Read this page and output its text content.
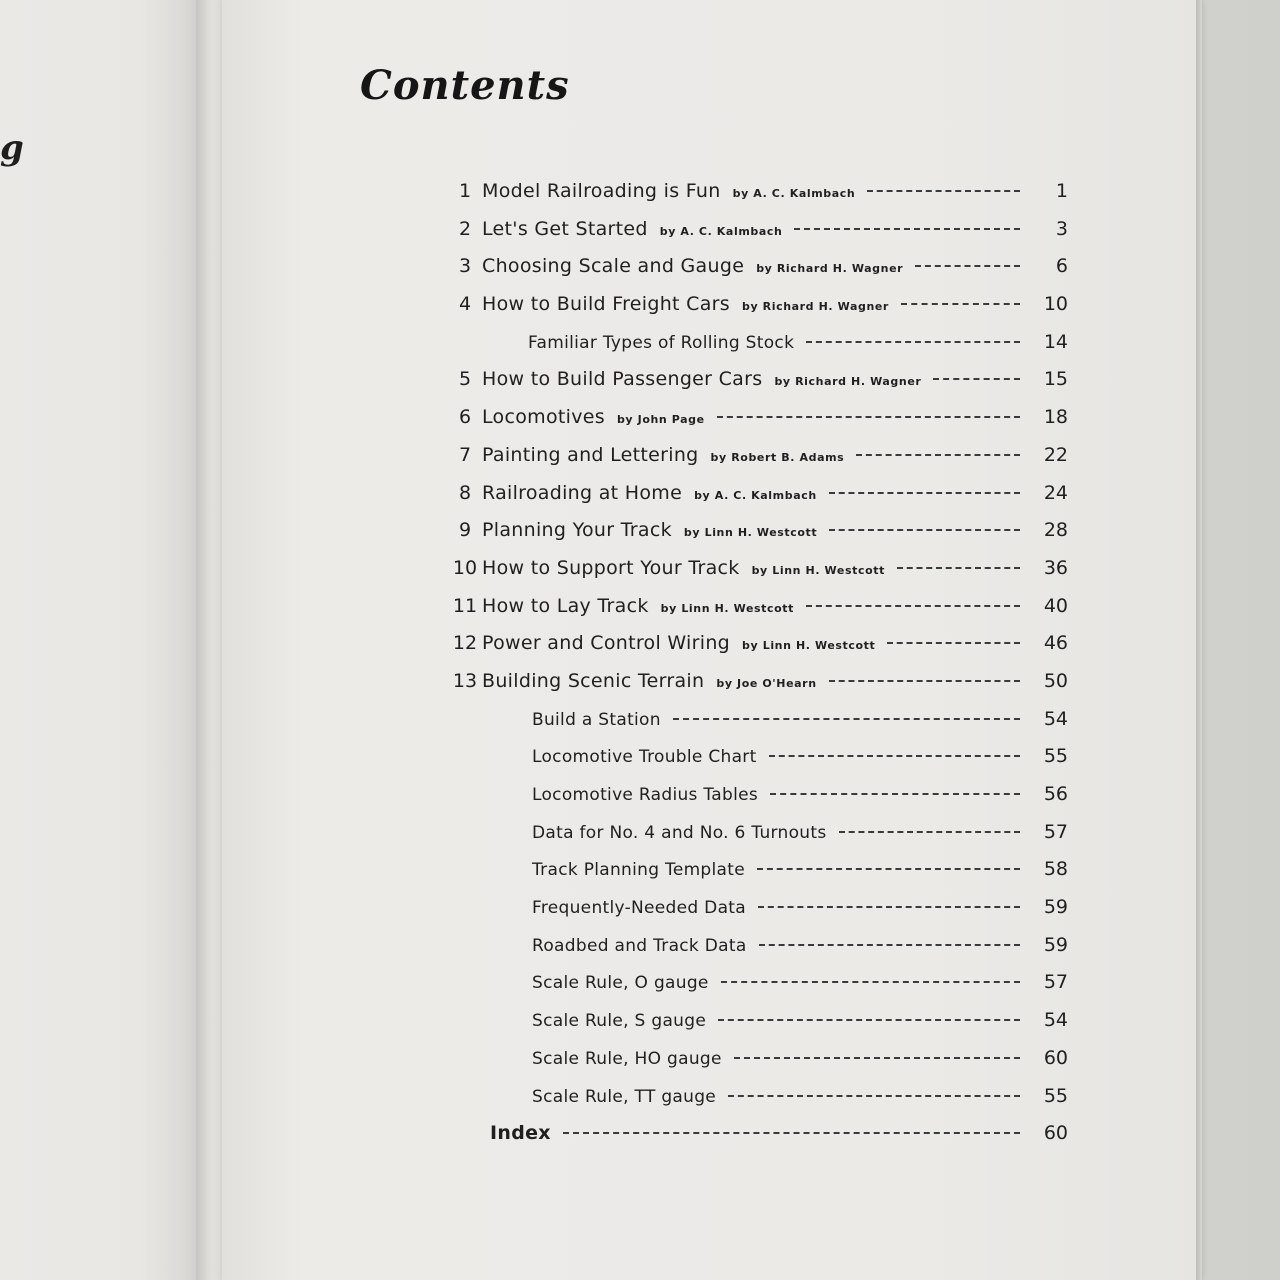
g
Contents
1 Model Railroading is Fun by A. C. Kalmbach	1
2 Let's Get Started by A. C. Kalmbach	3
3 Choosing Scale and Gauge by Richard H. Wagner	6
4 How to Build Freight Cars by Richard H. Wagner	10
Familiar Types of Rolling Stock	14
5 How to Build Passenger Cars by Richard H. Wagner	15
6 Locomotives by John Page	18
7 Painting and Lettering by Robert B. Adams	22
8 Railroading at Home by A. C. Kalmbach	24
9 Planning Your Track by Linn H. Westcott	28
10 How to Support Your Track by Linn H. Westcott	36
11 How to Lay Track by Linn H. Westcott	40
12 Power and Control Wiring by Linn H. Westcott	46
13 Building Scenic Terrain by Joe O'Hearn	50
Build a Station	54
Locomotive Trouble Chart	55
Locomotive Radius Tables	56
Data for No. 4 and No. 6 Turnouts	57
Track Planning Template	58
Frequently-Needed Data	59
Roadbed and Track Data	59
Scale Rule, O gauge	57
Scale Rule, S gauge	54
Scale Rule, HO gauge	60
Scale Rule, TT gauge	55
Index	60
